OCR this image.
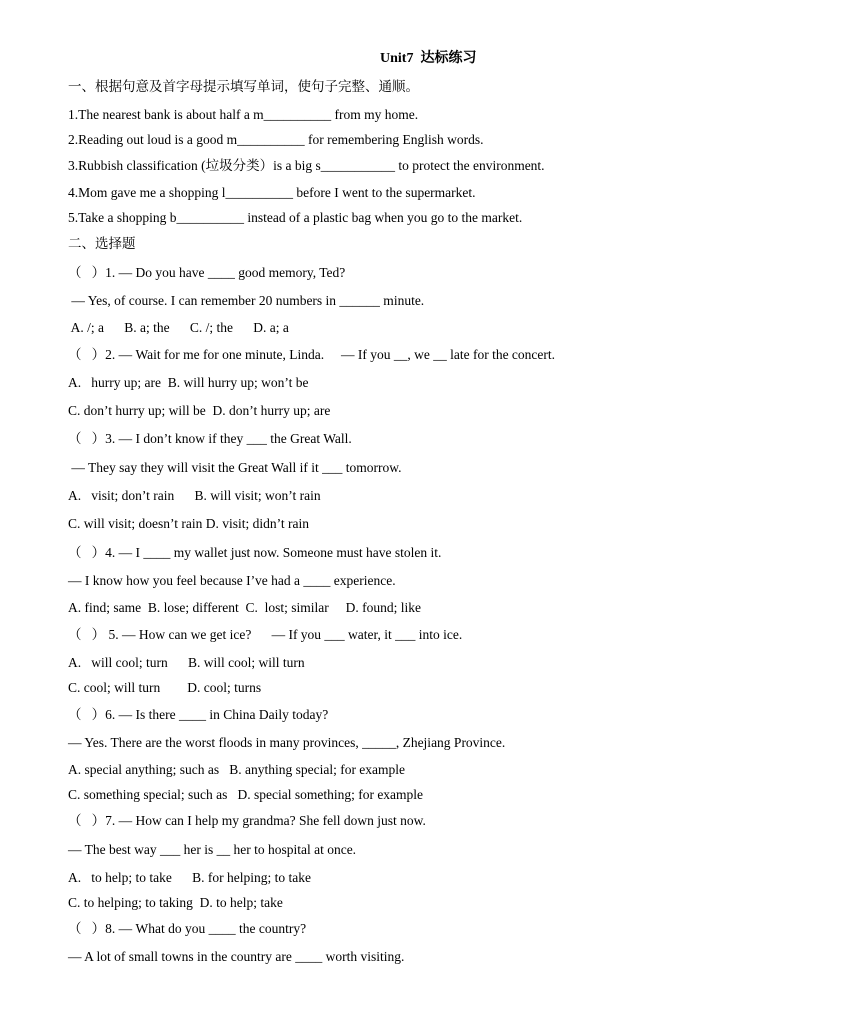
Unit7  达标练习
一、根据句意及首字母提示填写单词，使句子完整、通顺。
1.The nearest bank is about half a m__________ from my home.
2.Reading out loud is a good m__________ for remembering English words.
3.Rubbish classification (垃圾分类）is a big s___________ to protect the environment.
4.Mom gave me a shopping l__________ before I went to the supermarket.
5.Take a shopping b__________ instead of a plastic bag when you go to the market.
二、选择题
（   ）1. — Do you have ____ good memory, Ted?
— Yes, of course. I can remember 20 numbers in ______ minute.
A. /; a      B. a; the      C. /; the      D. a; a
（   ）2. — Wait for me for one minute, Linda.     — If you __, we __ late for the concert.
A.   hurry up; are  B. will hurry up; won’t be
C. don’t hurry up; will be  D. don’t hurry up; are
（   ）3. — I don’t know if they ___ the Great Wall.
— They say they will visit the Great Wall if it ___ tomorrow.
A.   visit; don’t rain      B. will visit; won’t rain
C. will visit; doesn’t rain D. visit; didn’t rain
（   ）4. — I ____ my wallet just now. Someone must have stolen it.
— I know how you feel because I’ve had a ____ experience.
A. find; same  B. lose; different  C.  lost; similar     D. found; like
（   ） 5. — How can we get ice?      — If you ___ water, it ___ into ice.
A.   will cool; turn      B. will cool; will turn
C. cool; will turn        D. cool; turns
（   ）6. — Is there ____ in China Daily today?
— Yes. There are the worst floods in many provinces, _____, Zhejiang Province.
A. special anything; such as   B. anything special; for example
C. something special; such as   D. special something; for example
（   ）7. — How can I help my grandma? She fell down just now.
— The best way ___ her is __ her to hospital at once.
A.   to help; to take      B. for helping; to take
C. to helping; to taking  D. to help; take
（   ）8. — What do you ____ the country?
— A lot of small towns in the country are ____ worth visiting.
